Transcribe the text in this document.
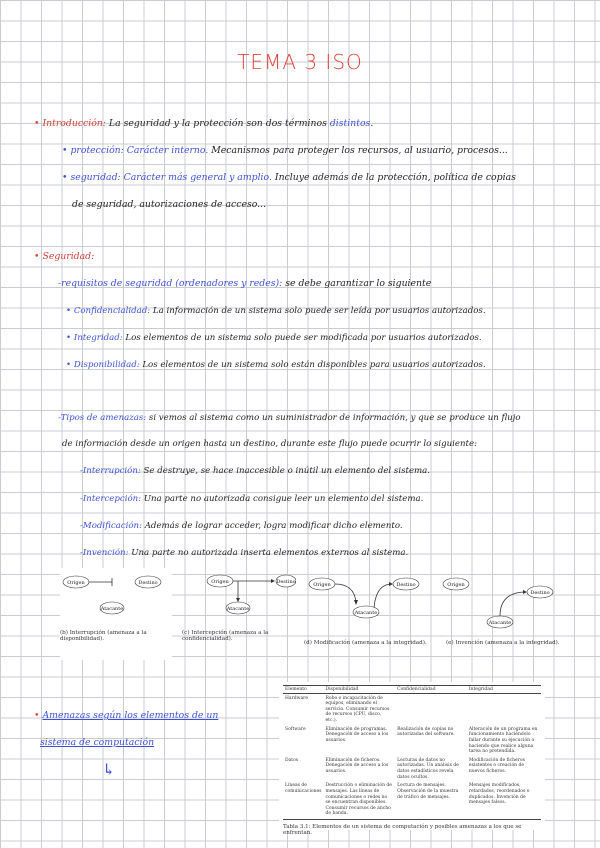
TEMA 3 ISO
• Introducción: La seguridad y la protección son dos términos distintos.
• protección: Carácter interno. Mecanismos para proteger los recursos, al usuario, procesos...
• seguridad: Carácter más general y amplio. Incluye además de la protección, política de copias
de seguridad, autorizaciones de acceso...
• Seguridad:
-requisitos de seguridad (ordenadores y redes): se debe garantizar lo siguiente
• Confidencialidad: La información de un sistema solo puede ser leída por usuarios autorizados.
• Integridad: Los elementos de un sistema solo puede ser modificada por usuarios autorizados.
• Disponibilidad: Los elementos de un sistema solo están disponibles para usuarios autorizados.
-Tipos de amenazas: si vemos al sistema como un suministrador de información, y que se produce un flujo
de información desde un origen hasta un destino, durante este flujo puede ocurrir lo siguiente:
-Interrupción: Se destruye, se hace inaccesible o inútil un elemento del sistema.
-Intercepción: Una parte no autorizada consigue leer un elemento del sistema.
-Modificación: Además de lograr acceder, logra modificar dicho elemento.
-Invención: Una parte no autorizada inserta elementos externos al sistema.
Origen	Destino
Atacante
(b) Interrupción (amenaza a la disponibilidad).
Origen	Destino
Atacante
(c) Intercepción (amenaza a la confidencialidad).
Origen	Destino
Atacante
(d) Modificación (amenaza a la integridad).
Origen
Destino
Atacante
(e) Invención (amenaza a la integridad).
• Amenazas según los elementos de un
sistema de computación
↳
Elemento	Disponibilidad	Confidencialidad	Integridad
Hardware	Robo o incapacitación de equipos, eliminando el servicio. Consumir recursos de recursos (CPU, disco, etc.).		
Software	Eliminación de programas. Denegación de acceso a los usuarios.	Realización de copias no autorizadas del software.	Alteración de un programa en funcionamiento haciéndolo fallar durante su ejecución o haciendo que realice alguna tarea no pretendida.
Datos	Eliminación de ficheros. Denegación de acceso a los usuarios.	Lecturas de datos no autorizadas. Un análisis de datos estadísticos revela datos ocultos.	Modificación de ficheros existentes o creación de nuevos ficheros.
Líneas de comunicaciones	Destrucción o eliminación de mensajes. Las líneas de comunicaciones o redes no se encuentran disponibles. Consumir recursos de ancho de banda.	Lectura de mensajes. Observación de la muestra de tráfico de mensajes.	Mensajes modificados, retardados, reordenados o duplicados. Invención de mensajes falsos.
Tabla 3.1: Elementos de un sistema de computación y posibles amenazas a los que se enfrentan.
